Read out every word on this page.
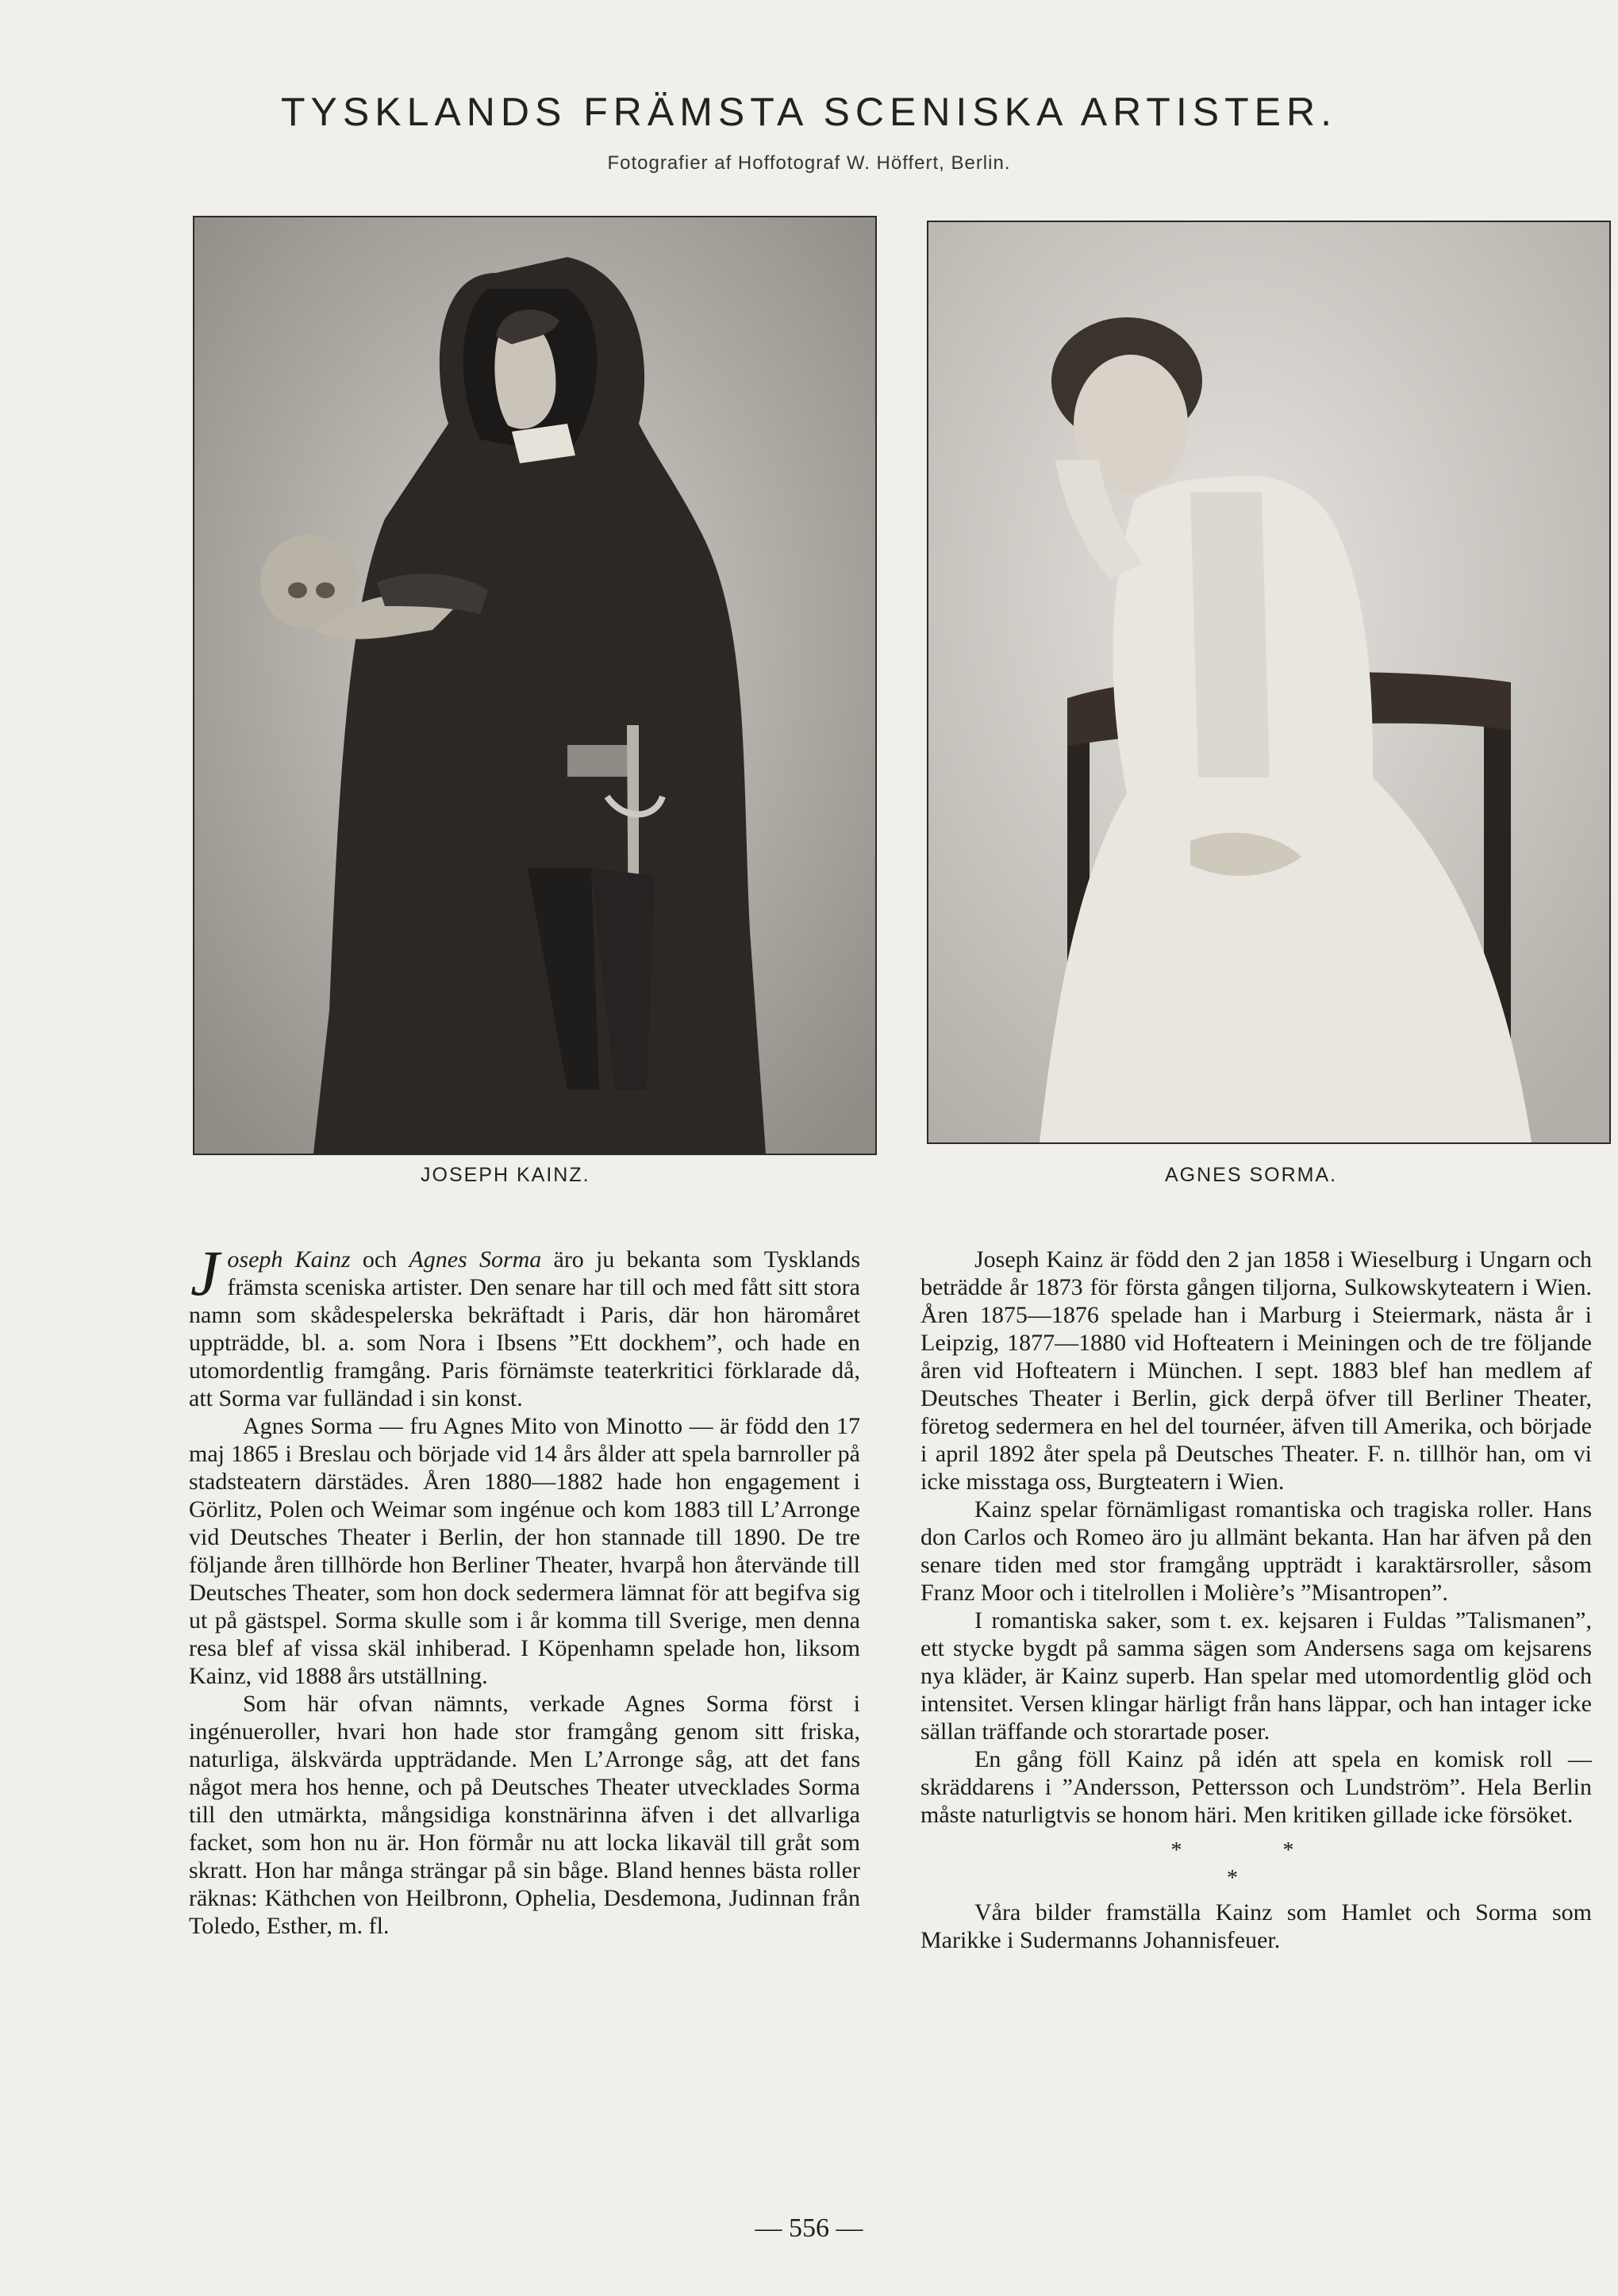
TYSKLANDS FRÄMSTA SCENISKA ARTISTER.
Fotografier af Hoffotograf W. Höffert, Berlin.
JOSEPH KAINZ.	AGNES SORMA.

Joseph Kainz och Agnes Sorma äro ju bekanta som Tysklands främsta sceniska artister. Den senare har till och med fått sitt stora namn som skådespelerska bekräftadt i Paris, där hon häromåret uppträdde, bl. a. som Nora i Ibsens ”Ett dockhem”, och hade en utomordentlig framgång. Paris förnämste teaterkritici förklarade då, att Sorma var fulländad i sin konst.

Agnes Sorma — fru Agnes Mito von Minotto — är född den 17 maj 1865 i Breslau och började vid 14 års ålder att spela barnroller på stadsteatern därstädes. Åren 1880—1882 hade hon engagement i Görlitz, Polen och Weimar som ingénue och kom 1883 till L’Arronge vid Deutsches Theater i Berlin, der hon stannade till 1890. De tre följande åren tillhörde hon Berliner Theater, hvarpå hon återvände till Deutsches Theater, som hon dock sedermera lämnat för att begifva sig ut på gästspel. Sorma skulle som i år komma till Sverige, men denna resa blef af vissa skäl inhiberad. I Köpenhamn spelade hon, liksom Kainz, vid 1888 års utställning.

Som här ofvan nämnts, verkade Agnes Sorma först i ingénueroller, hvari hon hade stor framgång genom sitt friska, naturliga, älskvärda uppträdande. Men L’Arronge såg, att det fans något mera hos henne, och på Deutsches Theater utvecklades Sorma till den utmärkta, mångsidiga konstnärinna äfven i det allvarliga facket, som hon nu är. Hon förmår nu att locka likaväl till gråt som skratt. Hon har många strängar på sin båge. Bland hennes bästa roller räknas: Käthchen von Heilbronn, Ophelia, Desdemona, Judinnan från Toledo, Esther, m. fl.

Joseph Kainz är född den 2 jan 1858 i Wieselburg i Ungarn och beträdde år 1873 för första gången tiljorna, Sulkowskyteatern i Wien. Åren 1875—1876 spelade han i Marburg i Steiermark, nästa år i Leipzig, 1877—1880 vid Hofteatern i Meiningen och de tre följande åren vid Hofteatern i München. I sept. 1883 blef han medlem af Deutsches Theater i Berlin, gick derpå öfver till Berliner Theater, företog sedermera en hel del tournéer, äfven till Amerika, och började i april 1892 åter spela på Deutsches Theater. F. n. tillhör han, om vi icke misstaga oss, Burgteatern i Wien.

Kainz spelar förnämligast romantiska och tragiska roller. Hans don Carlos och Romeo äro ju allmänt bekanta. Han har äfven på den senare tiden med stor framgång uppträdt i karaktärsroller, såsom Franz Moor och i titelrollen i Molière’s ”Misantropen”.

I romantiska saker, som t. ex. kejsaren i Fuldas ”Talismanen”, ett stycke bygdt på samma sägen som Andersens saga om kejsarens nya kläder, är Kainz superb. Han spelar med utomordentlig glöd och intensitet. Versen klingar härligt från hans läppar, och han intager icke sällan träffande och storartade poser.

En gång föll Kainz på idén att spela en komisk roll — skräddarens i ”Andersson, Pettersson och Lundström”. Hela Berlin måste naturligtvis se honom häri. Men kritiken gillade icke försöket.

* *
*

Våra bilder framställa Kainz som Hamlet och Sorma som Marikke i Sudermanns Johannisfeuer.

— 556 —
